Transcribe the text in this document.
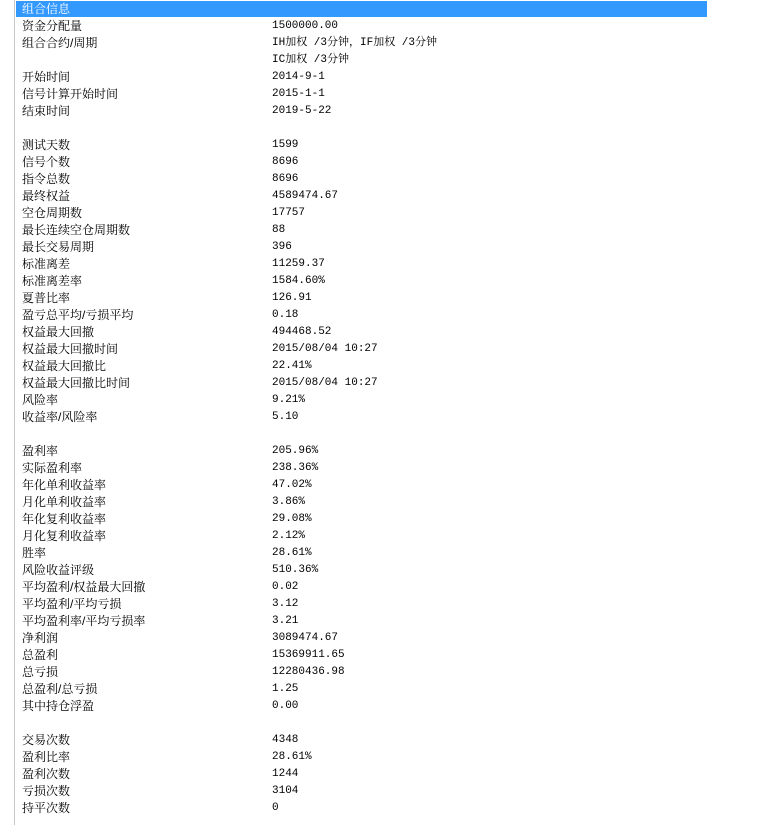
组合信息
资金分配量	1500000.00
组合合约/周期	IH加权 /3分钟，IF加权 /3分钟
IC加权 /3分钟
开始时间	2014-9-1
信号计算开始时间	2015-1-1
结束时间	2019-5-22
测试天数	1599
信号个数	8696
指令总数	8696
最终权益	4589474.67
空仓周期数	17757
最长连续空仓周期数	88
最长交易周期	396
标准离差	11259.37
标准离差率	1584.60%
夏普比率	126.91
盈亏总平均/亏损平均	0.18
权益最大回撤	494468.52
权益最大回撤时间	2015/08/04 10:27
权益最大回撤比	22.41%
权益最大回撤比时间	2015/08/04 10:27
风险率	9.21%
收益率/风险率	5.10
盈利率	205.96%
实际盈利率	238.36%
年化单利收益率	47.02%
月化单利收益率	3.86%
年化复利收益率	29.08%
月化复利收益率	2.12%
胜率	28.61%
风险收益评级	510.36%
平均盈利/权益最大回撤	0.02
平均盈利/平均亏损	3.12
平均盈利率/平均亏损率	3.21
净利润	3089474.67
总盈利	15369911.65
总亏损	12280436.98
总盈利/总亏损	1.25
其中持仓浮盈	0.00
交易次数	4348
盈利比率	28.61%
盈利次数	1244
亏损次数	3104
持平次数	0
